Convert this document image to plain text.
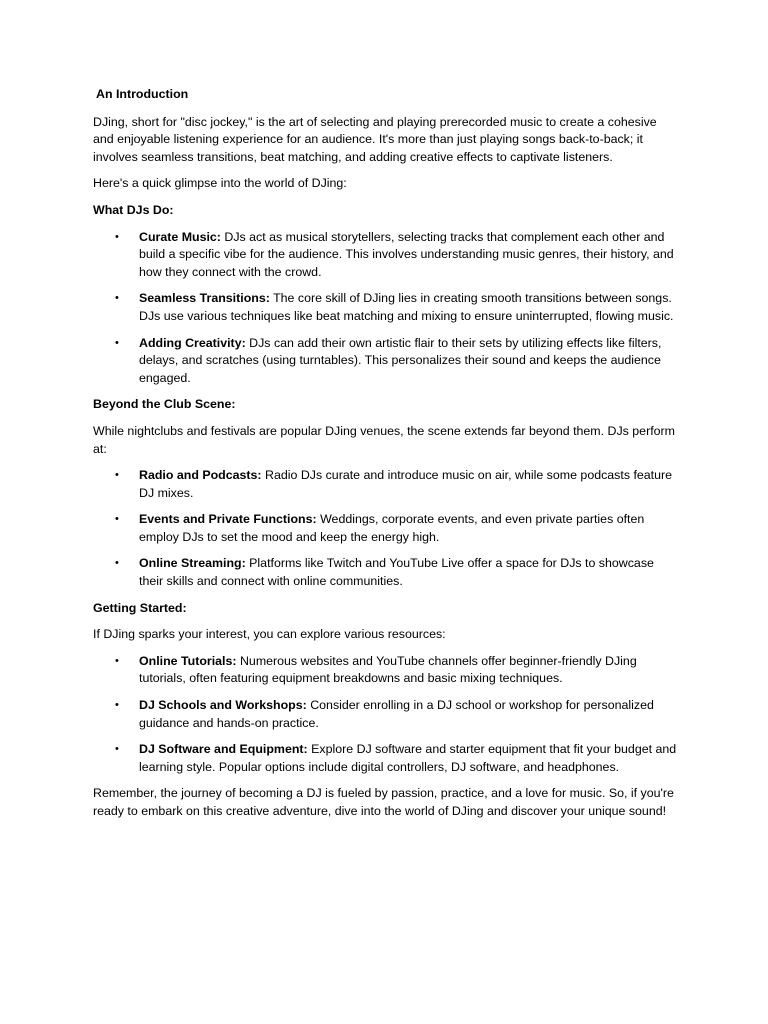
An Introduction

DJing, short for "disc jockey," is the art of selecting and playing prerecorded music to create a cohesive and enjoyable listening experience for an audience. It's more than just playing songs back-to-back; it involves seamless transitions, beat matching, and adding creative effects to captivate listeners.

Here's a quick glimpse into the world of DJing:

What DJs Do:
• Curate Music: DJs act as musical storytellers, selecting tracks that complement each other and build a specific vibe for the audience. This involves understanding music genres, their history, and how they connect with the crowd.
• Seamless Transitions: The core skill of DJing lies in creating smooth transitions between songs. DJs use various techniques like beat matching and mixing to ensure uninterrupted, flowing music.
• Adding Creativity: DJs can add their own artistic flair to their sets by utilizing effects like filters, delays, and scratches (using turntables). This personalizes their sound and keeps the audience engaged.
Beyond the Club Scene:

While nightclubs and festivals are popular DJing venues, the scene extends far beyond them. DJs perform at:

• Radio and Podcasts: Radio DJs curate and introduce music on air, while some podcasts feature DJ mixes.
• Events and Private Functions: Weddings, corporate events, and even private parties often employ DJs to set the mood and keep the energy high.
• Online Streaming: Platforms like Twitch and YouTube Live offer a space for DJs to showcase their skills and connect with online communities.
Getting Started:

If DJing sparks your interest, you can explore various resources:

• Online Tutorials: Numerous websites and YouTube channels offer beginner-friendly DJing tutorials, often featuring equipment breakdowns and basic mixing techniques.
• DJ Schools and Workshops: Consider enrolling in a DJ school or workshop for personalized guidance and hands-on practice.
• DJ Software and Equipment: Explore DJ software and starter equipment that fit your budget and learning style. Popular options include digital controllers, DJ software, and headphones.

Remember, the journey of becoming a DJ is fueled by passion, practice, and a love for music. So, if you're ready to embark on this creative adventure, dive into the world of DJing and discover your unique sound!
